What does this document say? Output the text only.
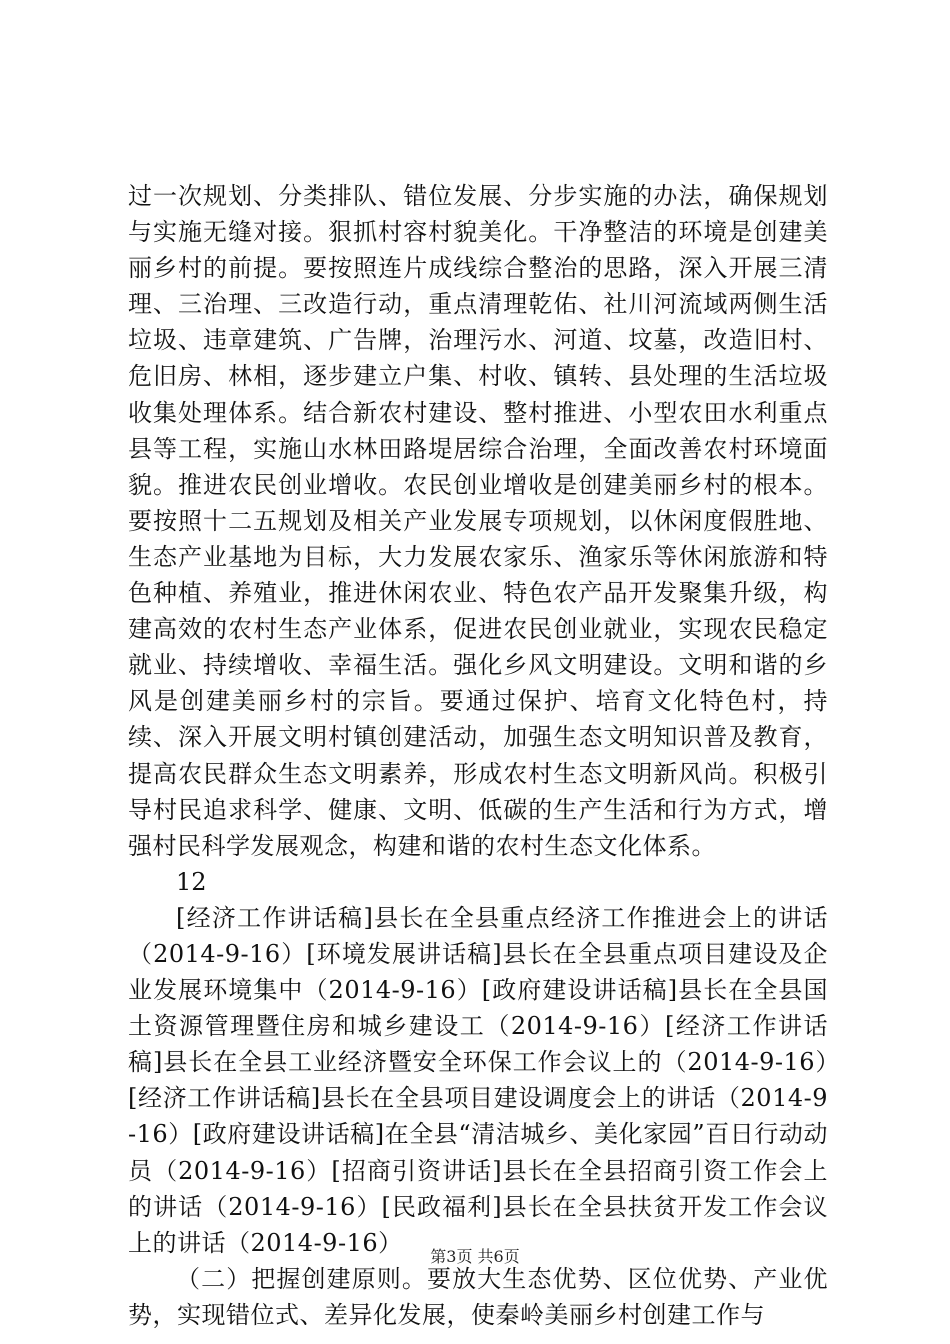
过一次规划、分类排队、错位发展、分步实施的办法，确保规划与实施无缝对接。狠抓村容村貌美化。干净整洁的环境是创建美丽乡村的前提。要按照连片成线综合整治的思路，深入开展三清理、三治理、三改造行动，重点清理乾佑、社川河流域两侧生活垃圾、违章建筑、广告牌，治理污水、河道、坟墓，改造旧村、危旧房、林相，逐步建立户集、村收、镇转、县处理的生活垃圾收集处理体系。结合新农村建设、整村推进、小型农田水利重点县等工程，实施山水林田路堤居综合治理，全面改善农村环境面貌。推进农民创业增收。农民创业增收是创建美丽乡村的根本。要按照十二五规划及相关产业发展专项规划，以休闲度假胜地、生态产业基地为目标，大力发展农家乐、渔家乐等休闲旅游和特色种植、养殖业，推进休闲农业、特色农产品开发聚集升级，构建高效的农村生态产业体系，促进农民创业就业，实现农民稳定就业、持续增收、幸福生活。强化乡风文明建设。文明和谐的乡风是创建美丽乡村的宗旨。要通过保护、培育文化特色村，持续、深入开展文明村镇创建活动，加强生态文明知识普及教育，提高农民群众生态文明素养，形成农村生态文明新风尚。积极引导村民追求科学、健康、文明、低碳的生产生活和行为方式，增强村民科学发展观念，构建和谐的农村生态文化体系。

12

[经济工作讲话稿]县长在全县重点经济工作推进会上的讲话（2014-9-16）[环境发展讲话稿]县长在全县重点项目建设及企业发展环境集中（2014-9-16）[政府建设讲话稿]县长在全县国土资源管理暨住房和城乡建设工（2014-9-16）[经济工作讲话稿]县长在全县工业经济暨安全环保工作会议上的（2014-9-16）[经济工作讲话稿]县长在全县项目建设调度会上的讲话（2014-9-16）[政府建设讲话稿]在全县“清洁城乡、美化家园”百日行动动员（2014-9-16）[招商引资讲话]县长在全县招商引资工作会上的讲话（2014-9-16）[民政福利]县长在全县扶贫开发工作会议上的讲话（2014-9-16）

（二）把握创建原则。要放大生态优势、区位优势、产业优势，实现错位式、差异化发展，使秦岭美丽乡村创建工作与

第3页 共6页
